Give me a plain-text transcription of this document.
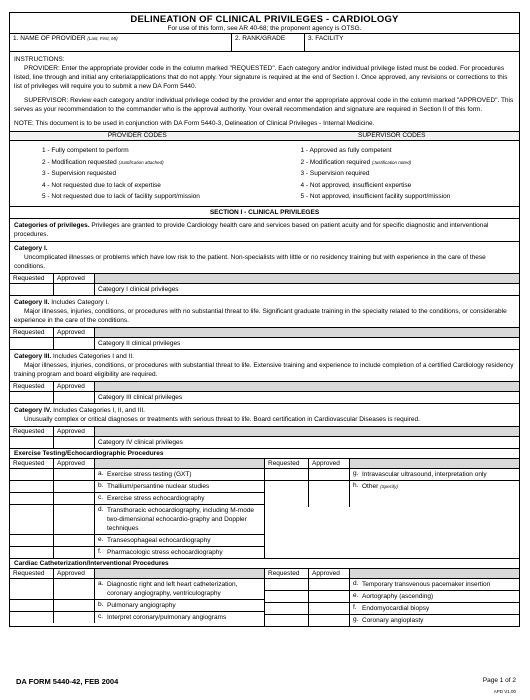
DELINEATION OF CLINICAL PRIVILEGES - CARDIOLOGY
For use of this form, see AR 40-68; the proponent agency is OTSG.
1. NAME OF PROVIDER (Last, First, MI)	2. RANK/GRADE	3. FACILITY

INSTRUCTIONS:

PROVIDER: Enter the appropriate provider code in the column marked "REQUESTED". Each category and/or individual privilege listed must be coded. For procedures listed, line through and initial any criteria/applications that do not apply. Your signature is required at the end of Section I. Once approved, any revisions or corrections to this list of privileges will require you to submit a new DA Form 5440.

SUPERVISOR: Review each category and/or individual privilege coded by the provider and enter the appropriate approval code in the column marked "APPROVED". This serves as your recommendation to the commander who is the approval authority. Your overall recommendation and signature are required in Section II of this form.

NOTE: This document is to be used in conjunction with DA Form 5440-3, Delineation of Clinical Privileges - Internal Medicine.

PROVIDER CODES	SUPERVISOR CODES
1 - Fully competent to perform
2 - Modification requested (Justification attached)
3 - Supervision requested
4 - Not requested due to lack of expertise
5 - Not requested due to lack of facility support/mission
1 - Approved as fully competent
2 - Modification required (Justification noted)
3 - Supervision required
4 - Not approved, insufficient expertise
5 - Not approved, insufficient facility support/mission
SECTION I - CLINICAL PRIVILEGES
Categories of privileges. Privileges are granted to provide Cardiology health care and services based on patient acuity and for specific diagnostic and interventional procedures.
Category I.
Uncomplicated illnesses or problems which have low risk to the patient. Non-specialists with little or no residency training but with experience in the care of these conditions.
Requested	Approved
Category I clinical privileges
Category II. Includes Category I.
Major illnesses, injuries, conditions, or procedures with no substantial threat to life. Significant graduate training in the specialty related to the conditions, or considerable experience in the care of the conditions.
Requested	Approved
Category II clinical privileges
Category III. Includes Categories I and II.
Major illnesses, injuries, conditions, or procedures with substantial threat to life. Extensive training and experience to include completion of a certified Cardiology residency training program and board eligibility are required.
Requested	Approved
Category III clinical privileges
Category IV. Includes Categories I, II, and III.
Unusually complex or critical diagnoses or treatments with serious threat to life. Board certification in Cardiovascular Diseases is required.
Requested	Approved
Category IV clinical privileges
Exercise Testing/Echocardiographic Procedures
Requested	Approved
a. Exercise stress testing (GXT)
b. Thallium/persantine nuclear studies
c. Exercise stress echocardiography
d. Transthoracic echocardiography, including M-mode two-dimensional echocardio-graphy and Doppler techniques
e. Transesophageal echocardiography
f. Pharmacologic stress echocardiography
Requested	Approved
g. Intravascular ultrasound, interpretation only
h. Other (Specify)
Cardiac Catheterization/Interventional Procedures
Requested	Approved
a. Diagnostic right and left heart catheterization, coronary angiography, ventriculography
b. Pulmonary angiography
c. Interpret coronary/pulmonary angiograms
Requested	Approved
d. Temporary transvenous pacemaker insertion
e. Aortography (ascending)
f. Endomyocardial biopsy
g. Coronary angioplasty
DA FORM 5440-42, FEB 2004	Page 1 of 2
APD V1.00
